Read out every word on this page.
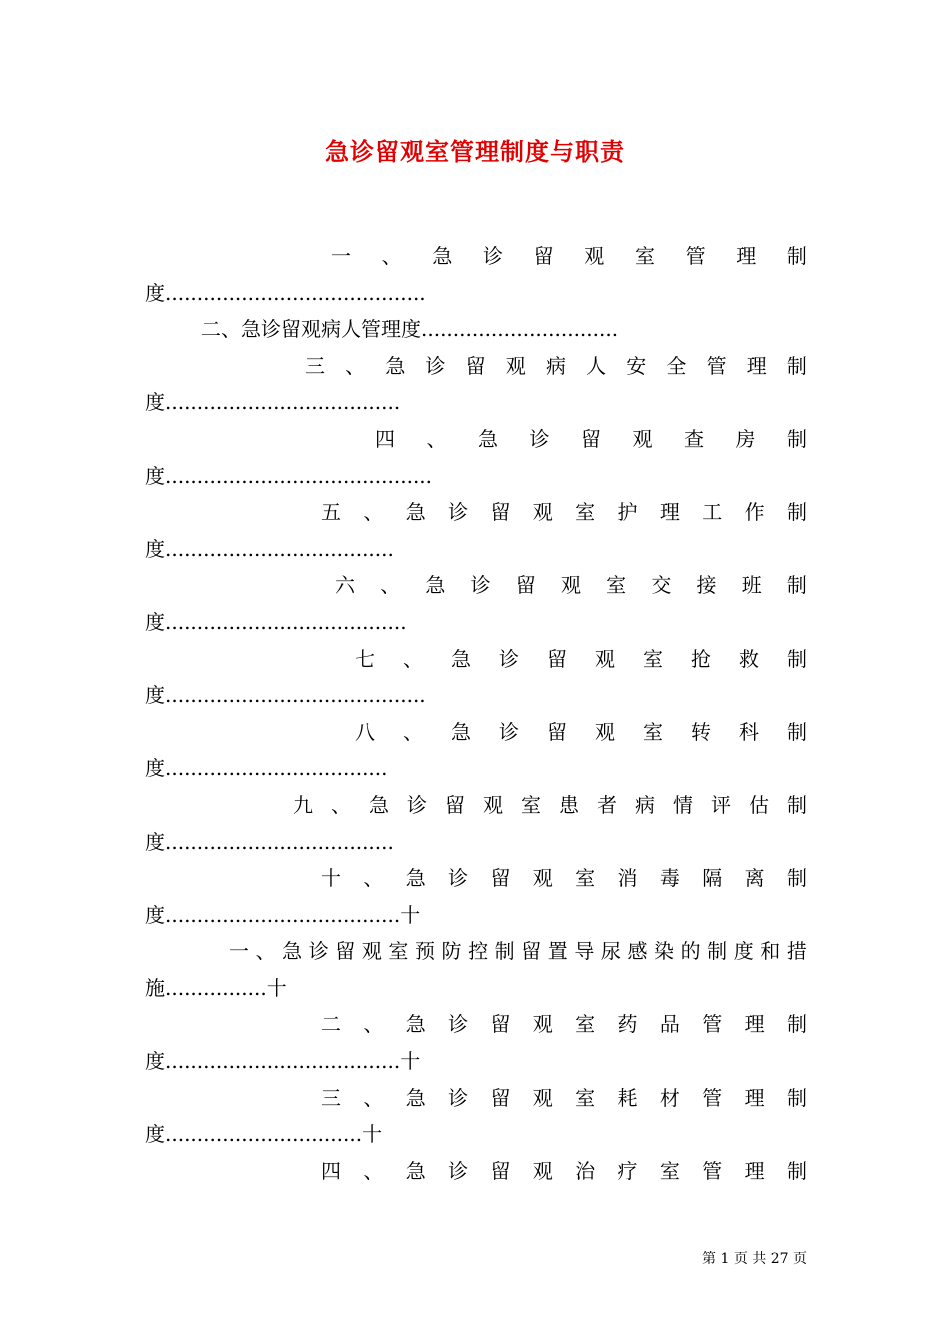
急诊留观室管理制度与职责
一 、 急 诊 留 观 室 管 理 制
度.........................................
二、急诊留观病人管理度...............................
三 、 急 诊 留 观 病 人 安 全 管 理 制
度.....................................
四 、 急 诊 留 观 查 房 制
度..........................................
五 、 急 诊 留 观 室 护 理 工 作 制
度....................................
六 、 急 诊 留 观 室 交 接 班 制
度......................................
七 、 急 诊 留 观 室 抢 救 制
度.........................................
八 、 急 诊 留 观 室 转 科 制
度...................................
九 、 急 诊 留 观 室 患 者 病 情 评 估 制
度....................................
十 、 急 诊 留 观 室 消 毒 隔 离 制
度.....................................十
一 、 急 诊 留 观 室 预 防 控 制 留 置 导 尿 感 染 的 制 度 和 措
施................十
二 、 急 诊 留 观 室 药 品 管 理 制
度.....................................十
三 、 急 诊 留 观 室 耗 材 管 理 制
度...............................十
四 、 急 诊 留 观 治 疗 室 管 理 制
第 1 页 共 27 页
